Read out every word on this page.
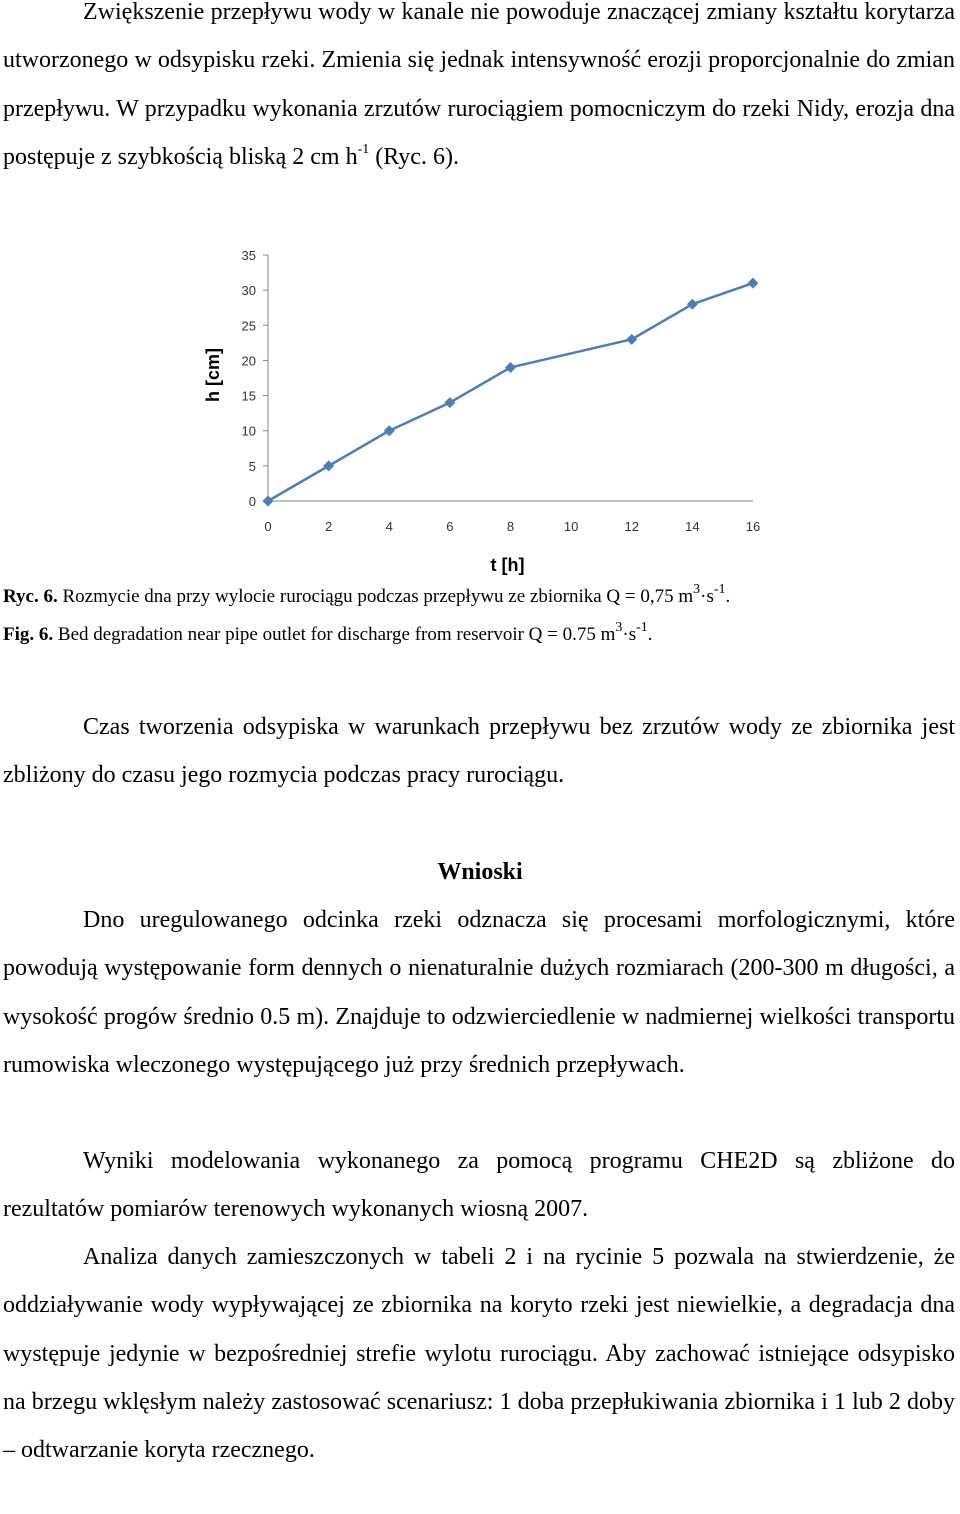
Zwiększenie przepływu wody w kanale nie powoduje znaczącej zmiany kształtu korytarza utworzonego w odsypisku rzeki. Zmienia się jednak intensywność erozji proporcjonalnie do zmian przepływu. W przypadku wykonania zrzutów rurociągiem pomocniczym do rzeki Nidy, erozja dna postępuje z szybkością bliską 2 cm $h^{-1}$ (Ryc. 6).

0
5
10
15
20
25
30
35
0	2	4	6	8	10	12	14	16
t [h]
h [cm]
Ryc. 6. Rozmycie dna przy wylocie rurociągu podczas przepływu ze zbiornika Q = 0,75 $m^3\cdot s^{-1}$.
Fig. 6. Bed degradation near pipe outlet for discharge from reservoir Q = 0.75 $m^3\cdot s^{-1}$.

Czas tworzenia odsypiska w warunkach przepływu bez zrzutów wody ze zbiornika jest zbliżony do czasu jego rozmycia podczas pracy rurociągu.

Wnioski

Dno uregulowanego odcinka rzeki odznacza się procesami morfologicznymi, które powodują występowanie form dennych o nienaturalnie dużych rozmiarach (200-300 m długości, a wysokość progów średnio 0.5 m). Znajduje to odzwierciedlenie w nadmiernej wielkości transportu rumowiska wleczonego występującego już przy średnich przepływach.

Wyniki modelowania wykonanego za pomocą programu CHE2D są zbliżone do rezultatów pomiarów terenowych wykonanych wiosną 2007.

Analiza danych zamieszczonych w tabeli 2 i na rycinie 5 pozwala na stwierdzenie, że oddziaływanie wody wypływającej ze zbiornika na koryto rzeki jest niewielkie, a degradacja dna występuje jedynie w bezpośredniej strefie wylotu rurociągu. Aby zachować istniejące odsypisko na brzegu wklęsłym należy zastosować scenariusz: 1 doba przepłukiwania zbiornika i 1 lub 2 doby – odtwarzanie koryta rzecznego.
